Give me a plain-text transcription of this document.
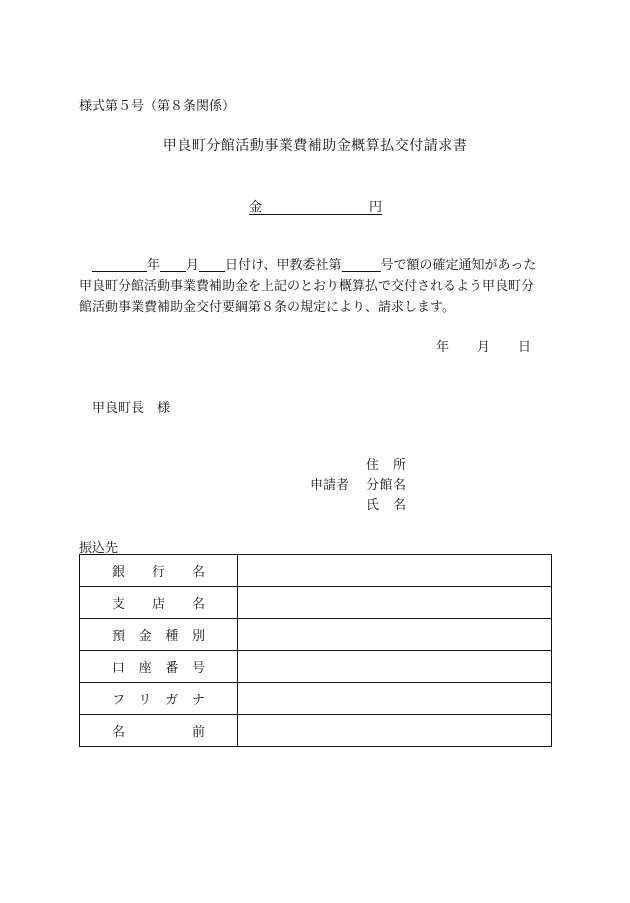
様式第５号（第８条関係）
甲良町分館活動事業費補助金概算払交付請求書
金	円
年 月 日付け、甲教委社第	号で額の確定通知があった
甲良町分館活動事業費補助金を上記のとおり概算払で交付されるよう甲良町分
館活動事業費補助金交付要綱第８条の規定により、請求します。
年 月 日
甲良町長　様
住　所
申請者	分館名
氏　名
振込先
銀行名	

支店名	

預金種別	

口座番号	

フリガナ	

名前	
